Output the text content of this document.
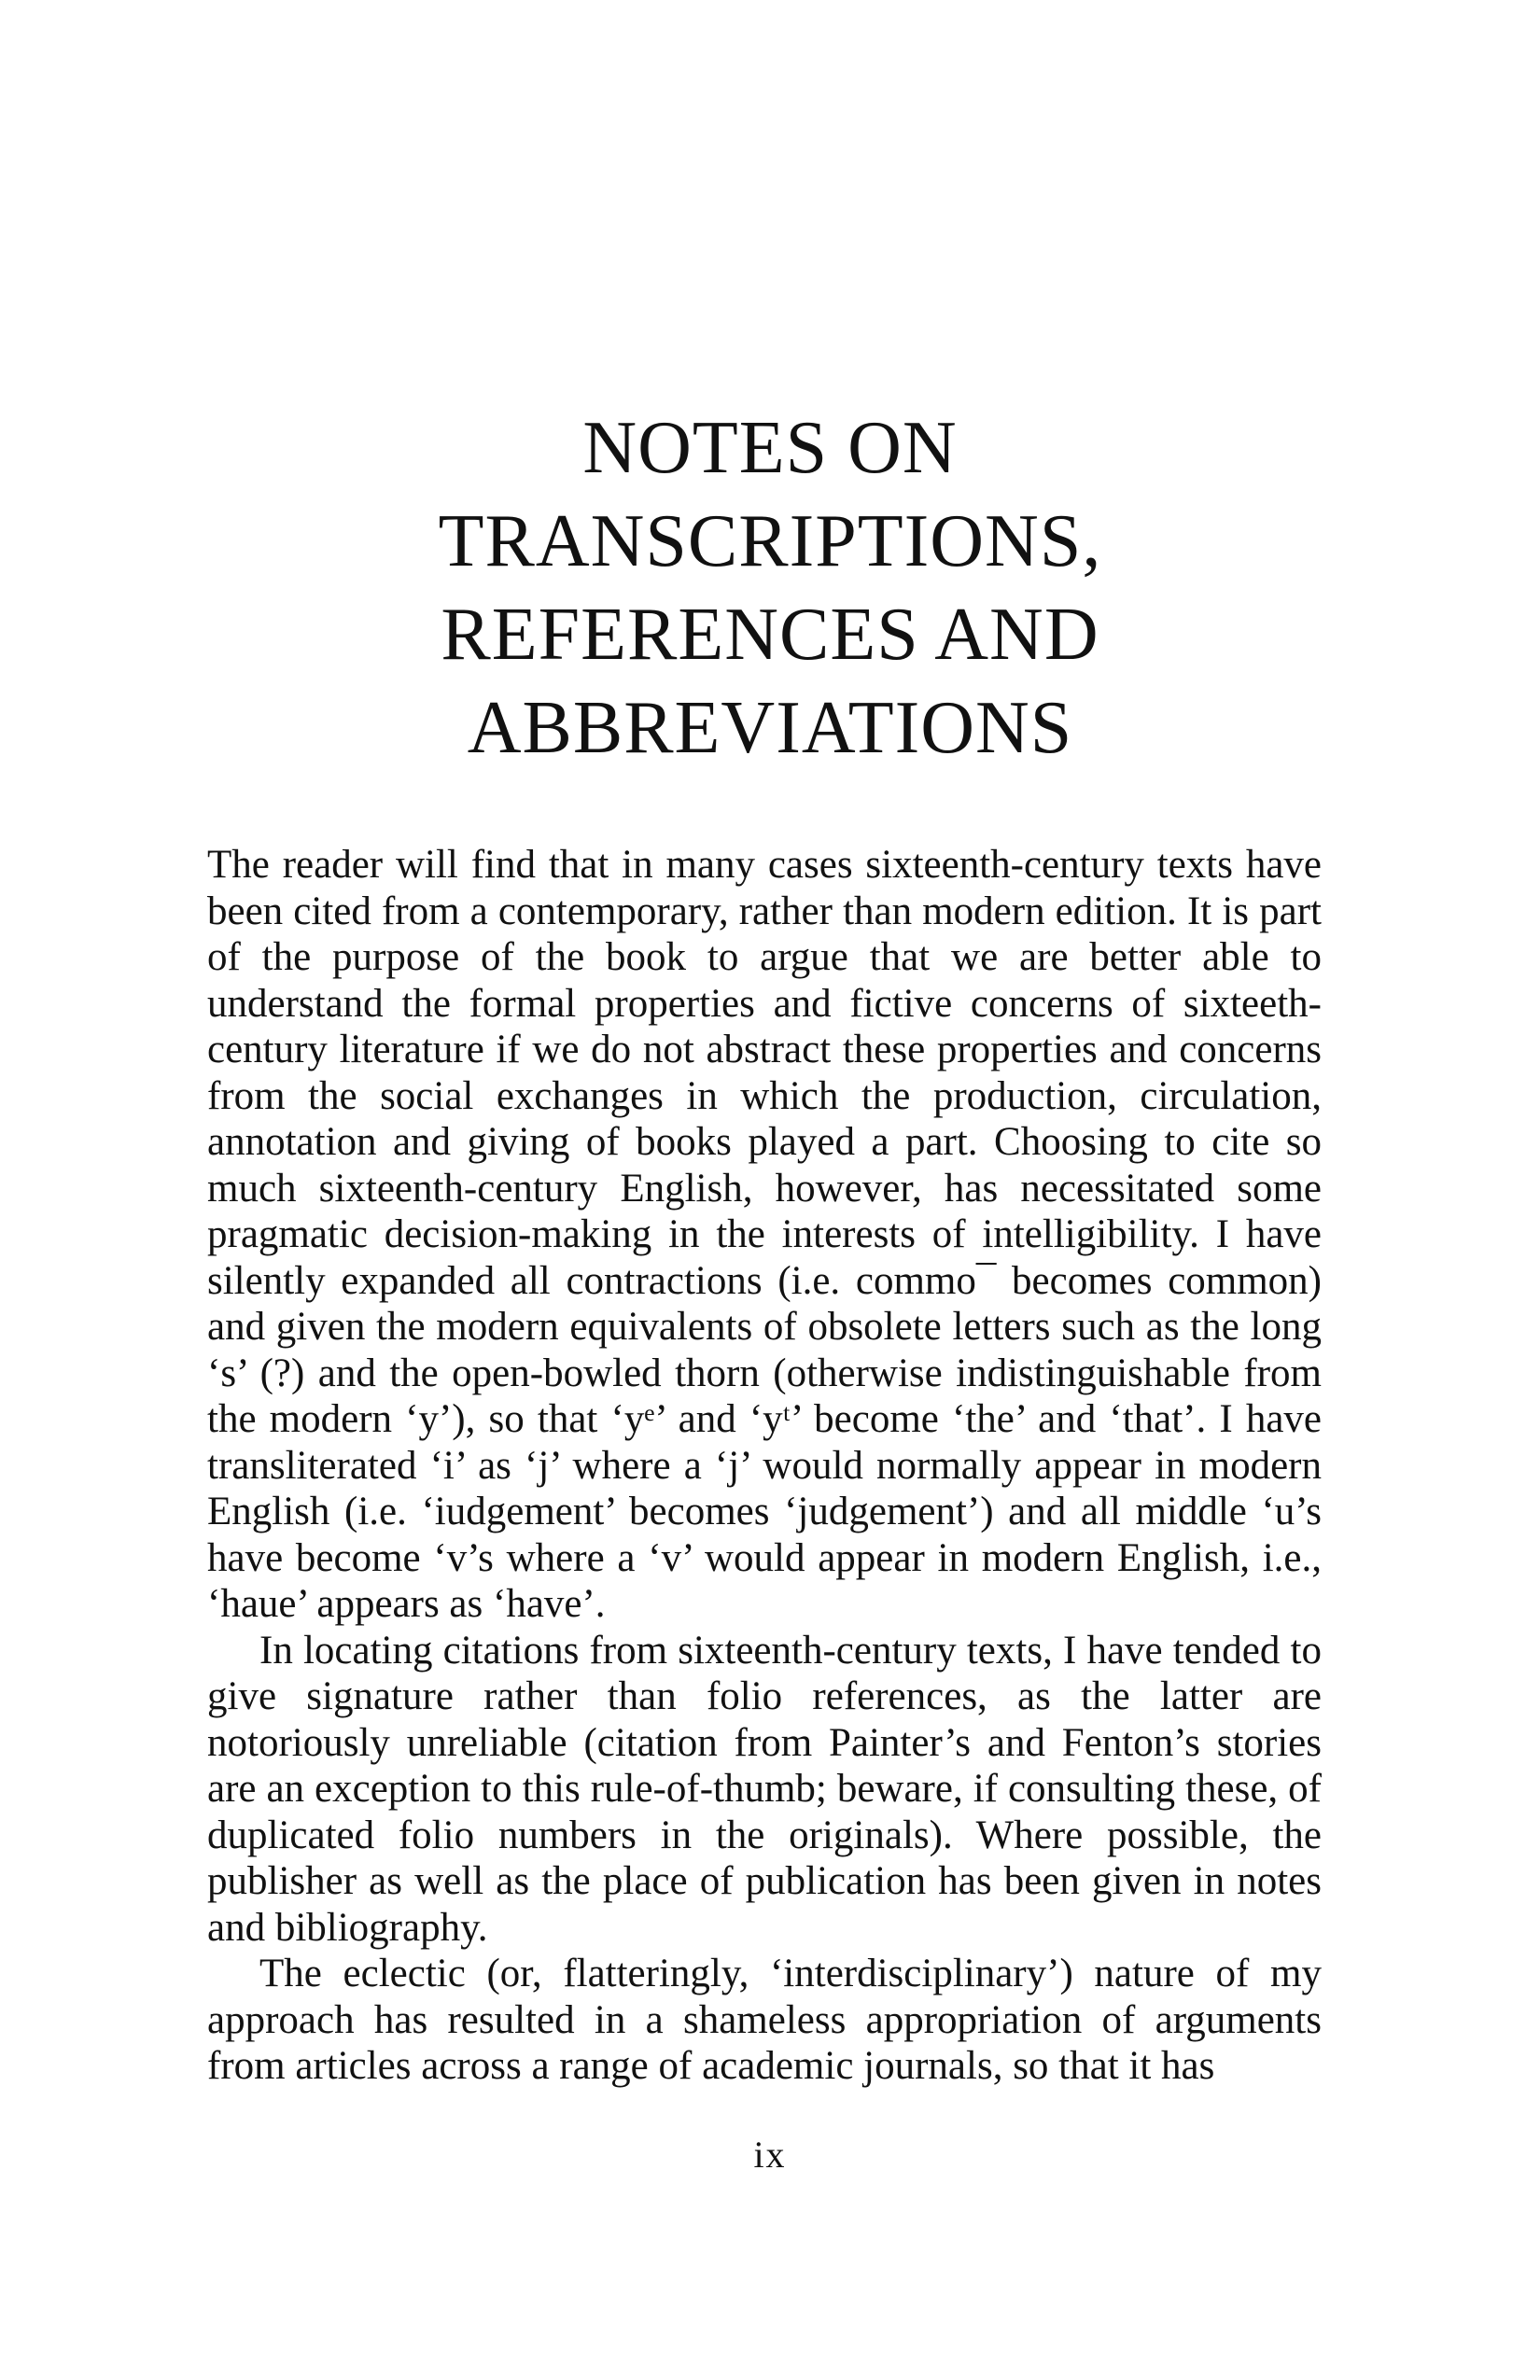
NOTES ON
TRANSCRIPTIONS,
REFERENCES AND
ABBREVIATIONS

The reader will find that in many cases sixteenth-century texts have been cited from a contemporary, rather than modern edition. It is part of the purpose of the book to argue that we are better able to understand the formal properties and fictive concerns of sixteeth-century literature if we do not abstract these properties and concerns from the social exchanges in which the production, circulation, annotation and giving of books played a part. Choosing to cite so much sixteenth-century English, however, has necessitated some pragmatic decision-making in the interests of intelligibility. I have silently expanded all contractions (i.e. commo¯ becomes common) and given the modern equivalents of obsolete letters such as the long ‘s’ (?) and the open-bowled thorn (otherwise indistinguishable from the modern ‘y’), so that ‘yᵉ’ and ‘yᵗ’ become ‘the’ and ‘that’. I have transliterated ‘i’ as ‘j’ where a ‘j’ would normally appear in modern English (i.e. ‘iudgement’ becomes ‘judgement’) and all middle ‘u’s have become ‘v’s where a ‘v’ would appear in modern English, i.e., ‘haue’ appears as ‘have’.

In locating citations from sixteenth-century texts, I have tended to give signature rather than folio references, as the latter are notoriously unreliable (citation from Painter’s and Fenton’s stories are an exception to this rule-of-thumb; beware, if consulting these, of duplicated folio numbers in the originals). Where possible, the publisher as well as the place of publication has been given in notes and bibliography.

The eclectic (or, flatteringly, ‘interdisciplinary’) nature of my approach has resulted in a shameless appropriation of arguments from articles across a range of academic journals, so that it has

ix
